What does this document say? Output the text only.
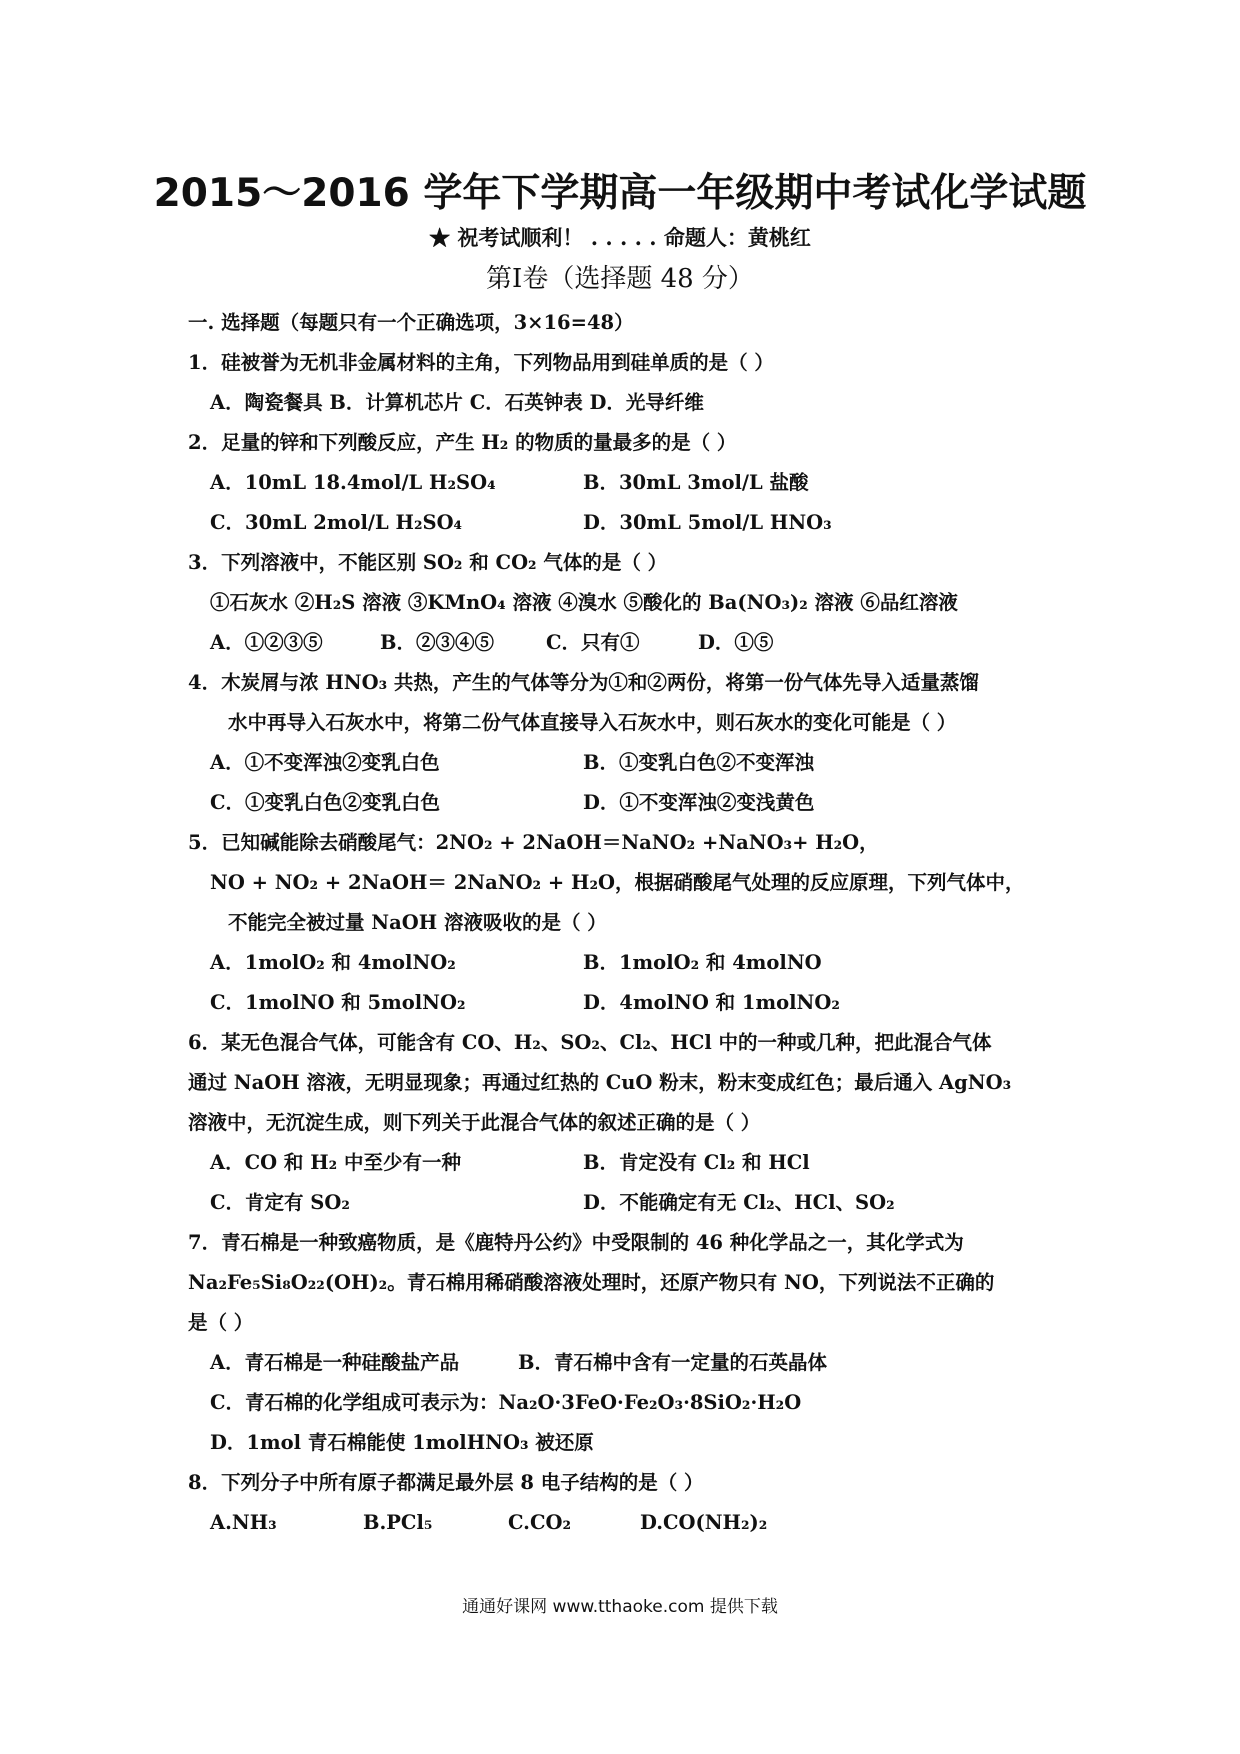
2015～2016 学年下学期高一年级期中考试化学试题
★ 祝考试顺利！ . . . . . 命题人：黄桃红
第Ⅰ卷（选择题 48 分）
一. 选择题（每题只有一个正确选项，3×16=48）
1．硅被誉为无机非金属材料的主角，下列物品用到硅单质的是（ ）
A．陶瓷餐具 B．计算机芯片 C．石英钟表 D．光导纤维
2．足量的锌和下列酸反应，产生 H₂ 的物质的量最多的是（ ）
A．10mL 18.4mol/L H₂SO₄	B．30mL 3mol/L 盐酸
C．30mL 2mol/L H₂SO₄	D．30mL 5mol/L HNO₃
3．下列溶液中，不能区别 SO₂ 和 CO₂ 气体的是（ ）
①石灰水 ②H₂S 溶液 ③KMnO₄ 溶液 ④溴水 ⑤酸化的 Ba(NO₃)₂ 溶液 ⑥品红溶液
A．①②③⑤	B．②③④⑤	C．只有①	D．①⑤
4．木炭屑与浓 HNO₃ 共热，产生的气体等分为①和②两份，将第一份气体先导入适量蒸馏
水中再导入石灰水中，将第二份气体直接导入石灰水中，则石灰水的变化可能是（ ）
A．①不变浑浊②变乳白色	B．①变乳白色②不变浑浊
C．①变乳白色②变乳白色	D．①不变浑浊②变浅黄色
5．已知碱能除去硝酸尾气：2NO₂ + 2NaOH＝NaNO₂ +NaNO₃+ H₂O，
NO + NO₂ + 2NaOH＝ 2NaNO₂ + H₂O，根据硝酸尾气处理的反应原理，下列气体中，
不能完全被过量 NaOH 溶液吸收的是（ ）
A．1molO₂ 和 4molNO₂	B．1molO₂ 和 4molNO
C．1molNO 和 5molNO₂	D．4molNO 和 1molNO₂
6．某无色混合气体，可能含有 CO、H₂、SO₂、Cl₂、HCl 中的一种或几种，把此混合气体
通过 NaOH 溶液，无明显现象；再通过红热的 CuO 粉末，粉末变成红色；最后通入 AgNO₃
溶液中，无沉淀生成，则下列关于此混合气体的叙述正确的是（ ）
A．CO 和 H₂ 中至少有一种	B．肯定没有 Cl₂ 和 HCl
C．肯定有 SO₂	D．不能确定有无 Cl₂、HCl、SO₂
7．青石棉是一种致癌物质，是《鹿特丹公约》中受限制的 46 种化学品之一，其化学式为
Na₂Fe₅Si₈O₂₂(OH)₂。青石棉用稀硝酸溶液处理时，还原产物只有 NO，下列说法不正确的
是（ ）
A．青石棉是一种硅酸盐产品	B．青石棉中含有一定量的石英晶体
C．青石棉的化学组成可表示为：Na₂O·3FeO·Fe₂O₃·8SiO₂·H₂O
D．1mol 青石棉能使 1molHNO₃ 被还原
8．下列分子中所有原子都满足最外层 8 电子结构的是（ ）
A.NH₃	B.PCl₅	C.CO₂	D.CO(NH₂)₂
通通好课网 www.tthaoke.com 提供下载
